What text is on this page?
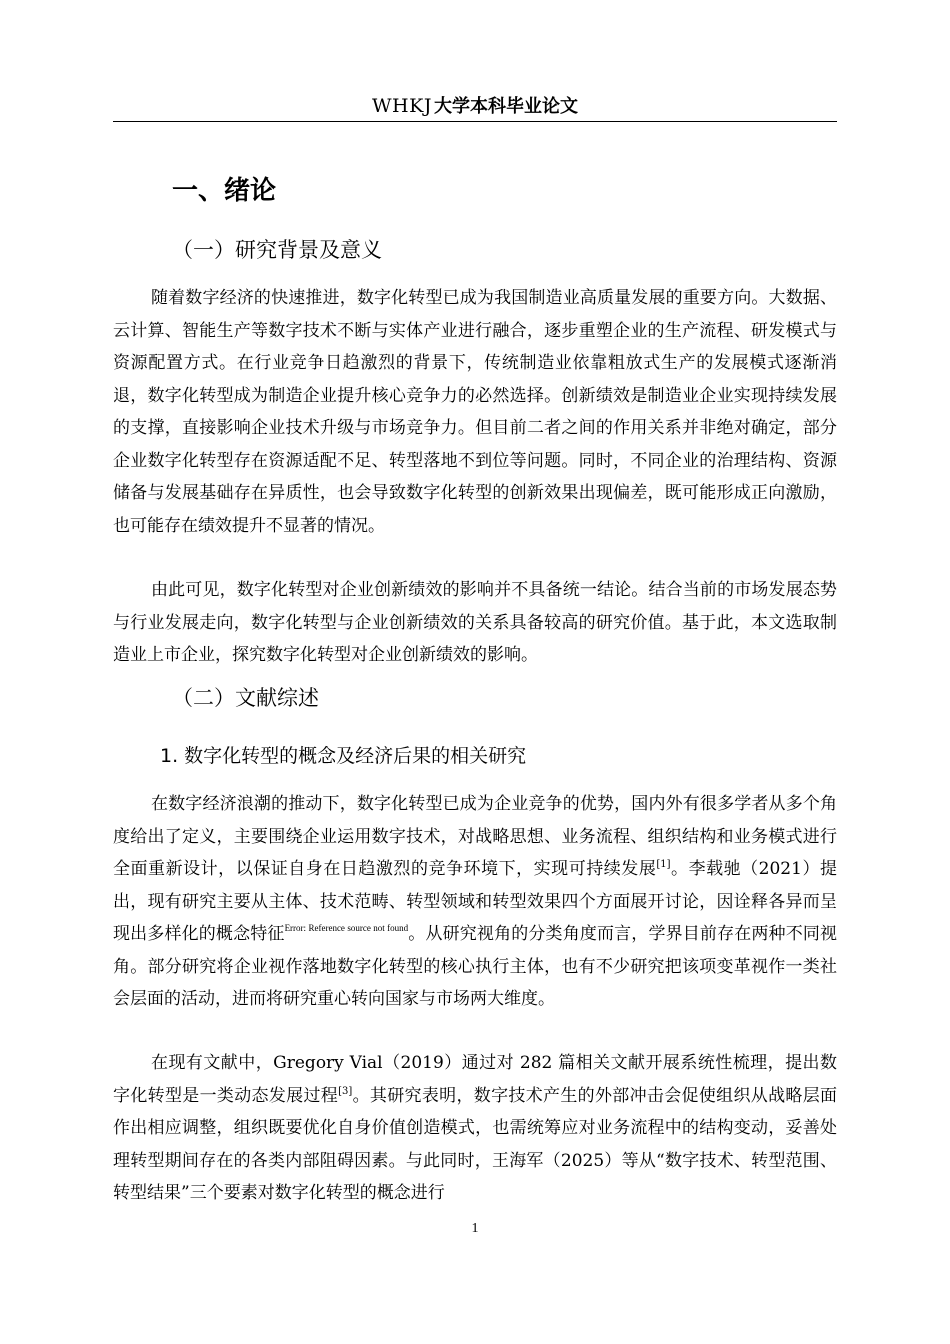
WHKJ 大学本科毕业论文
一、绪论
（一）研究背景及意义

随着数字经济的快速推进，数字化转型已成为我国制造业高质量发展的重要方向。大数据、云计算、智能生产等数字技术不断与实体产业进行融合，逐步重塑企业的生产流程、研发模式与资源配置方式。在行业竞争日趋激烈的背景下，传统制造业依靠粗放式生产的发展模式逐渐消退，数字化转型成为制造企业提升核心竞争力的必然选择。创新绩效是制造业企业实现持续发展的支撑，直接影响企业技术升级与市场竞争力。但目前二者之间的作用关系并非绝对确定，部分企业数字化转型存在资源适配不足、转型落地不到位等问题。同时，不同企业的治理结构、资源储备与发展基础存在异质性，也会导致数字化转型的创新效果出现偏差，既可能形成正向激励，也可能存在绩效提升不显著的情况。

由此可见，数字化转型对企业创新绩效的影响并不具备统一结论。结合当前的市场发展态势与行业发展走向，数字化转型与企业创新绩效的关系具备较高的研究价值。基于此，本文选取制造业上市企业，探究数字化转型对企业创新绩效的影响。

（二）文献综述
1. 数字化转型的概念及经济后果的相关研究

在数字经济浪潮的推动下，数字化转型已成为企业竞争的优势，国内外有很多学者从多个角度给出了定义，主要围绕企业运用数字技术，对战略思想、业务流程、组织结构和业务模式进行全面重新设计，以保证自身在日趋激烈的竞争环境下，实现可持续发展[1]。李载驰（2021）提出，现有研究主要从主体、技术范畴、转型领域和转型效果四个方面展开讨论，因诠释各异而呈现出多样化的概念特征$^{Error: Reference source not found}$。从研究视角的分类角度而言，学界目前存在两种不同视角。部分研究将企业视作落地数字化转型的核心执行主体，也有不少研究把该项变革视作一类社会层面的活动，进而将研究重心转向国家与市场两大维度。

在现有文献中，Gregory Vial（2019）通过对 282 篇相关文献开展系统性梳理，提出数字化转型是一类动态发展过程[3]。其研究表明，数字技术产生的外部冲击会促使组织从战略层面作出相应调整，组织既要优化自身价值创造模式，也需统筹应对业务流程中的结构变动，妥善处理转型期间存在的各类内部阻碍因素。与此同时，王海军（2025）等从“数字技术、转型范围、转型结果”三个要素对数字化转型的概念进行

1
